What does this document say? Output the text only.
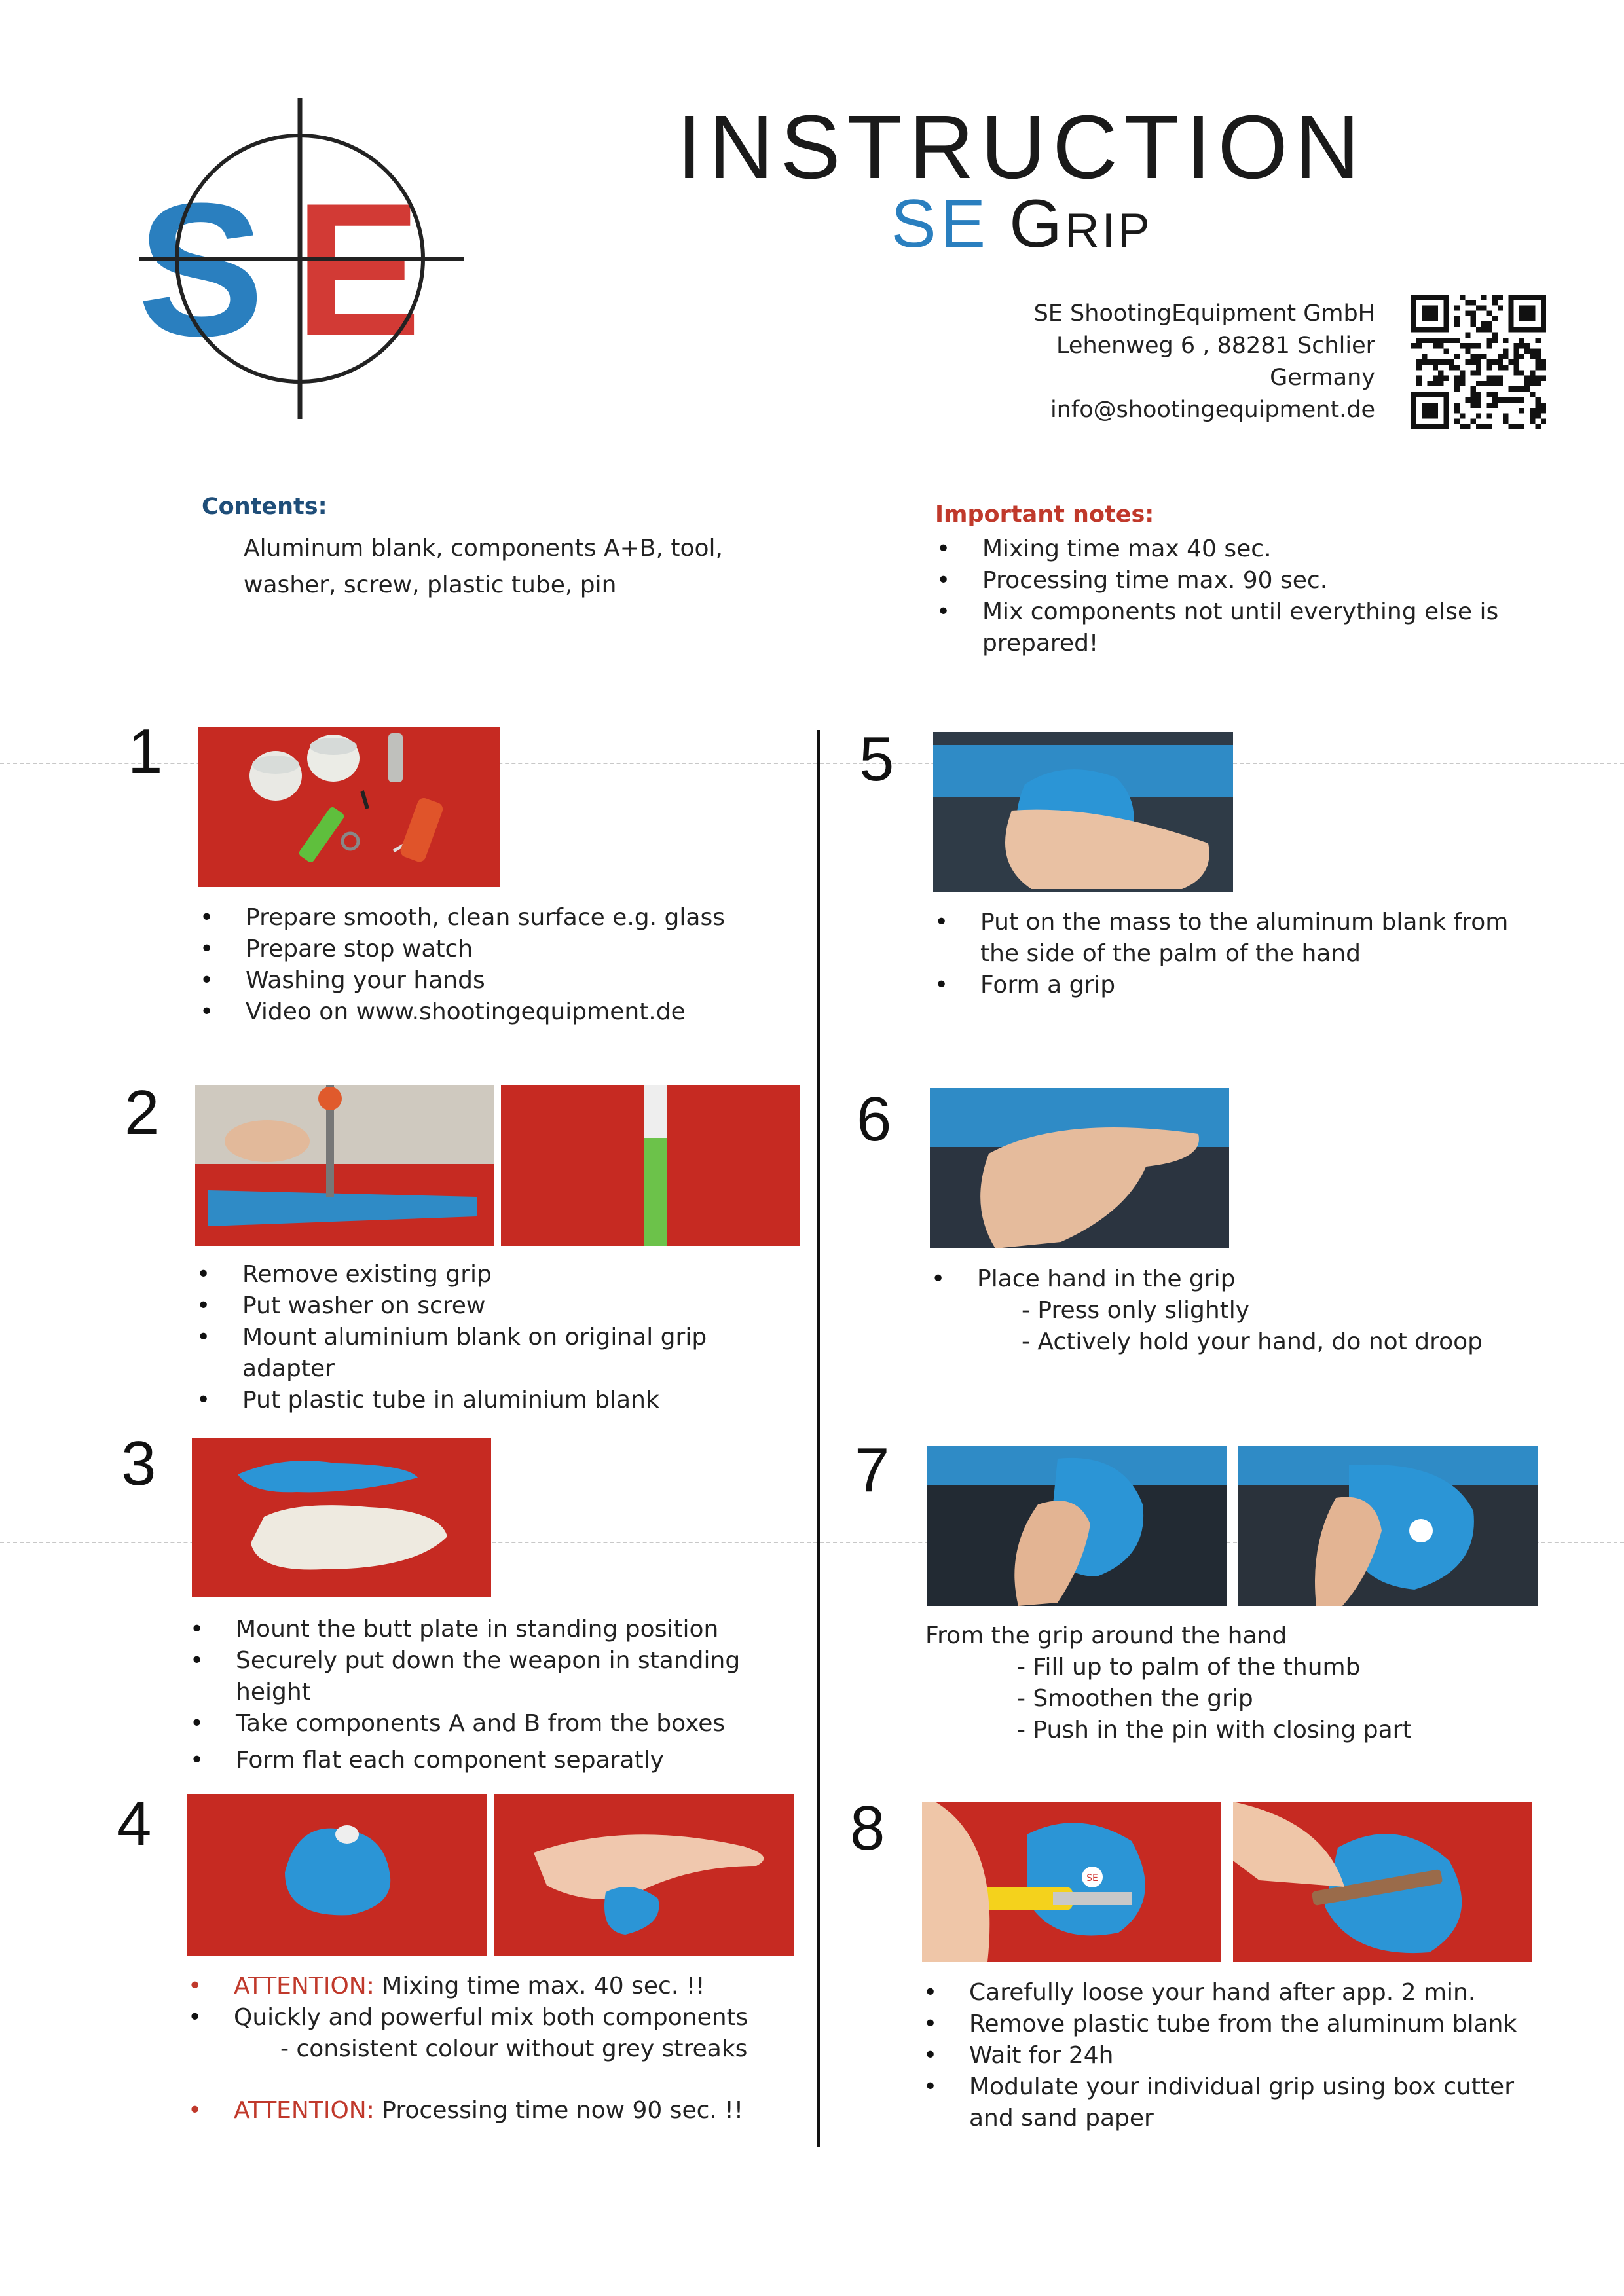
S E
INSTRUCTION
SE Grip
SE ShootingEquipment GmbH
Lehenweg 6 , 88281 Schlier
Germany
info@shootingequipment.de
Contents:
Aluminum blank, components A+B, tool,
washer, screw, plastic tube, pin
Important notes:
• Mixing time max 40 sec.
• Processing time max. 90 sec.
• Mix components not until everything else is prepared!
1
• Prepare smooth, clean surface e.g. glass
• Prepare stop watch
• Washing your hands
• Video on www.shootingequipment.de
2
• Remove existing grip
• Put washer on screw
• Mount aluminium blank on original grip adapter
• Put plastic tube in aluminium blank
3
• Mount the butt plate in standing position
• Securely put down the weapon in standing height
• Take components A and B from the boxes
• Form flat each component separatly
4
• ATTENTION: Mixing time max. 40 sec. !!
• Quickly and powerful mix both components
- consistent colour without grey streaks
• ATTENTION: Processing time now 90 sec. !!
5
• Put on the mass to the aluminum blank from the side of the palm of the hand
• Form a grip
6
• Place hand in the grip
- Press only slightly
- Actively hold your hand, do not droop
7
From the grip around the hand
- Fill up to palm of the thumb
- Smoothen the grip
- Push in the pin with closing part
8
SE
• Carefully loose your hand after app. 2 min.
• Remove plastic tube from the aluminum blank
• Wait for 24h
• Modulate your individual grip using box cutter and sand paper
